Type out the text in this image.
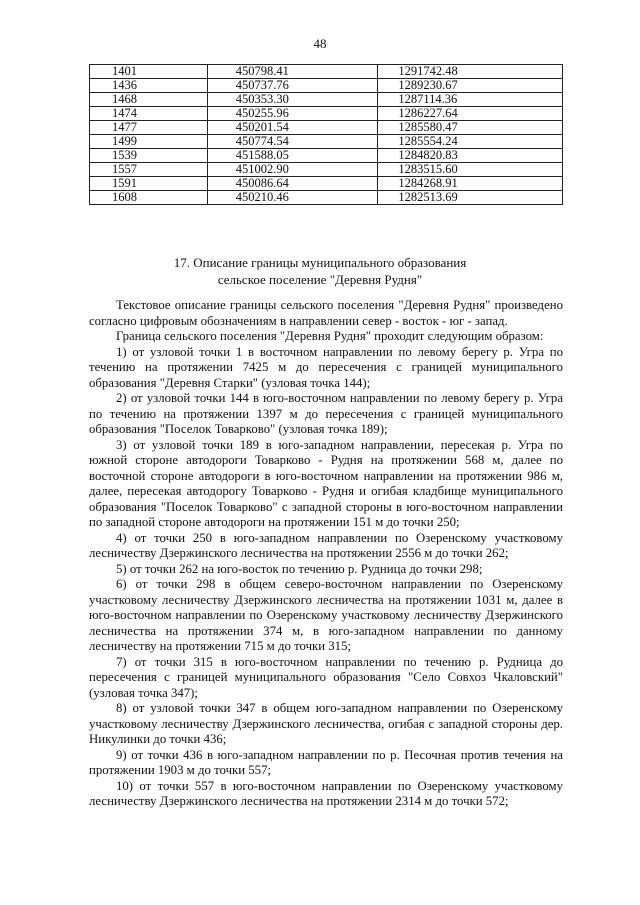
48
1401	450798.41	1291742.48
1436	450737.76	1289230.67
1468	450353.30	1287114.36
1474	450255.96	1286227.64
1477	450201.54	1285580.47
1499	450774.54	1285554.24
1539	451588.05	1284820.83
1557	451002.90	1283515.60
1591	450086.64	1284268.91
1608	450210.46	1282513.69
17. Описание границы муниципального образования
сельское поселение "Деревня Рудня"

Текстовое описание границы сельского поселения "Деревня Рудня" произведено согласно цифровым обозначениям в направлении север - восток - юг - запад.

Граница сельского поселения "Деревня Рудня" проходит следующим образом:

1) от узловой точки 1 в восточном направлении по левому берегу р. Угра по течению на протяжении 7425 м до пересечения с границей муниципального образования "Деревня Старки" (узловая точка 144);

2) от узловой точки 144 в юго-восточном направлении по левому берегу р. Угра по течению на протяжении 1397 м до пересечения с границей муниципального образования "Поселок Товарково" (узловая точка 189);

3) от узловой точки 189 в юго-западном направлении, пересекая р. Угра по южной стороне автодороги Товарково - Рудня на протяжении 568 м, далее по восточной стороне автодороги в юго-восточном направлении на протяжении 986 м, далее, пересекая автодорогу Товарково - Рудня и огибая кладбище муниципального образования "Поселок Товарково" с западной стороны в юго-восточном направлении по западной стороне автодороги на протяжении 151 м до точки 250;

4) от точки 250 в юго-западном направлении по Озеренскому участковому лесничеству Дзержинского лесничества на протяжении 2556 м до точки 262;

5) от точки 262 на юго-восток по течению р. Рудница до точки 298;

6) от точки 298 в общем северо-восточном направлении по Озеренскому участковому лесничеству Дзержинского лесничества на протяжении 1031 м, далее в юго-восточном направлении по Озеренскому участковому лесничеству Дзержинского лесничества на протяжении 374 м, в юго-западном направлении по данному лесничеству на протяжении 715 м до точки 315;

7) от точки 315 в юго-восточном направлении по течению р. Рудница до пересечения с границей муниципального образования "Село Совхоз Чкаловский" (узловая точка 347);

8) от узловой точки 347 в общем юго-западном направлении по Озеренскому участковому лесничеству Дзержинского лесничества, огибая с западной стороны дер. Никулинки до точки 436;

9) от точки 436 в юго-западном направлении по р. Песочная против течения на протяжении 1903 м до точки 557;

10) от точки 557 в юго-восточном направлении по Озеренскому участковому лесничеству Дзержинского лесничества на протяжении 2314 м до точки 572;
